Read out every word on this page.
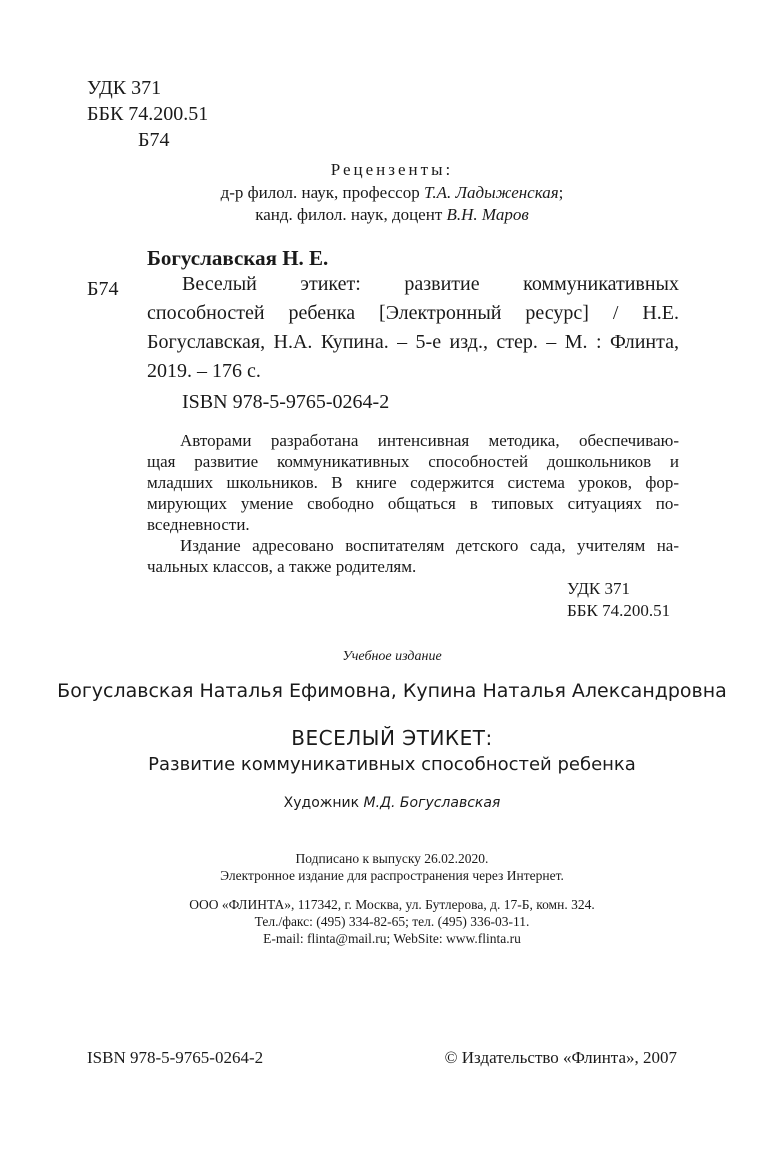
УДК 371
ББК 74.200.51
Б74
Рецензенты:
д-р филол. наук, профессор Т.А. Ладыженская;
канд. филол. наук, доцент В.Н. Маров
Богуславская Н. Е.
Б74	Веселый этикет: развитие коммуникативных
способностей ребенка [Электронный ресурс] / Н.Е.
Богуславская, Н.А. Купина. – 5-е изд., стер. – М. : Флинта,
2019. – 176 с.
ISBN 978-5-9765-0264-2
Авторами разработана интенсивная методика, обеспечиваю-
щая развитие коммуникативных способностей дошкольников и
младших школьников. В книге содержится система уроков, фор-
мирующих умение свободно общаться в типовых ситуациях по-
вседневности.
Издание адресовано воспитателям детского сада, учителям на-
чальных классов, а также родителям.
УДК 371
ББК 74.200.51
Учебное издание
Богуславская Наталья Ефимовна, Купина Наталья Александровна
ВЕСЕЛЫЙ ЭТИКЕТ:
Развитие коммуникативных способностей ребенка
Художник М.Д. Богуславская
Подписано к выпуску 26.02.2020.
Электронное издание для распространения через Интернет.
ООО «ФЛИНТА», 117342, г. Москва, ул. Бутлерова, д. 17-Б, комн. 324.
Тел./факс: (495) 334-82-65; тел. (495) 336-03-11.
E-mail: flinta@mail.ru; WebSite: www.flinta.ru
ISBN 978-5-9765-0264-2	© Издательство «Флинта», 2007
